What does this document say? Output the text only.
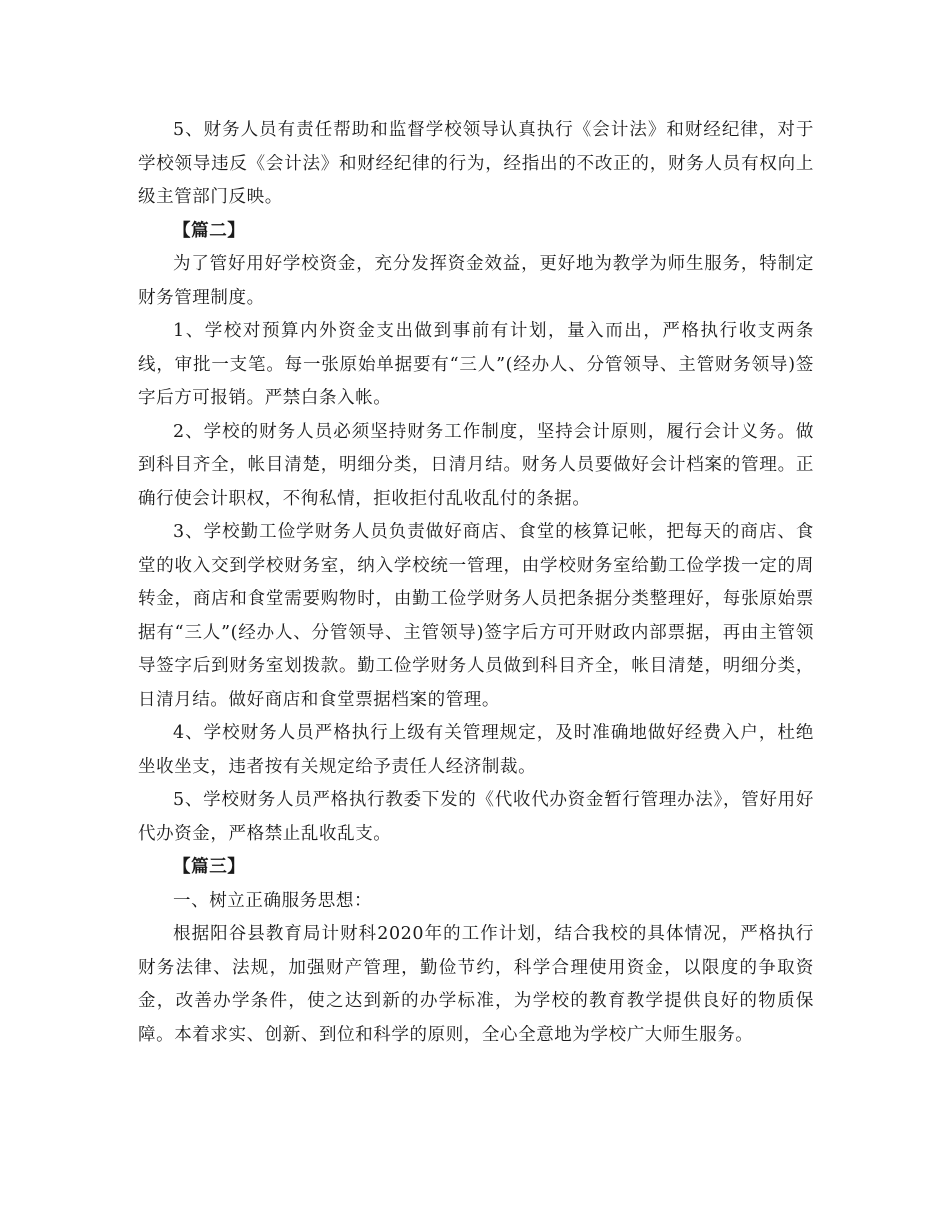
5、财务人员有责任帮助和监督学校领导认真执行《会计法》和财经纪律，对于学校领导违反《会计法》和财经纪律的行为，经指出的不改正的，财务人员有权向上级主管部门反映。

【篇二】

为了管好用好学校资金，充分发挥资金效益，更好地为教学为师生服务，特制定财务管理制度。

1、学校对预算内外资金支出做到事前有计划，量入而出，严格执行收支两条线，审批一支笔。每一张原始单据要有“三人”(经办人、分管领导、主管财务领导)签字后方可报销。严禁白条入帐。

2、学校的财务人员必须坚持财务工作制度，坚持会计原则，履行会计义务。做到科目齐全，帐目清楚，明细分类，日清月结。财务人员要做好会计档案的管理。正确行使会计职权，不徇私情，拒收拒付乱收乱付的条据。

3、学校勤工俭学财务人员负责做好商店、食堂的核算记帐，把每天的商店、食堂的收入交到学校财务室，纳入学校统一管理，由学校财务室给勤工俭学拨一定的周转金，商店和食堂需要购物时，由勤工俭学财务人员把条据分类整理好，每张原始票据有“三人”(经办人、分管领导、主管领导)签字后方可开财政内部票据，再由主管领导签字后到财务室划拨款。勤工俭学财务人员做到科目齐全，帐目清楚，明细分类，日清月结。做好商店和食堂票据档案的管理。

4、学校财务人员严格执行上级有关管理规定，及时准确地做好经费入户，杜绝坐收坐支，违者按有关规定给予责任人经济制裁。

5、学校财务人员严格执行教委下发的《代收代办资金暂行管理办法》，管好用好代办资金，严格禁止乱收乱支。

【篇三】

一、树立正确服务思想：

根据阳谷县教育局计财科2020年的工作计划，结合我校的具体情况，严格执行财务法律、法规，加强财产管理，勤俭节约，科学合理使用资金，以限度的争取资金，改善办学条件，使之达到新的办学标准，为学校的教育教学提供良好的物质保障。本着求实、创新、到位和科学的原则，全心全意地为学校广大师生服务。
